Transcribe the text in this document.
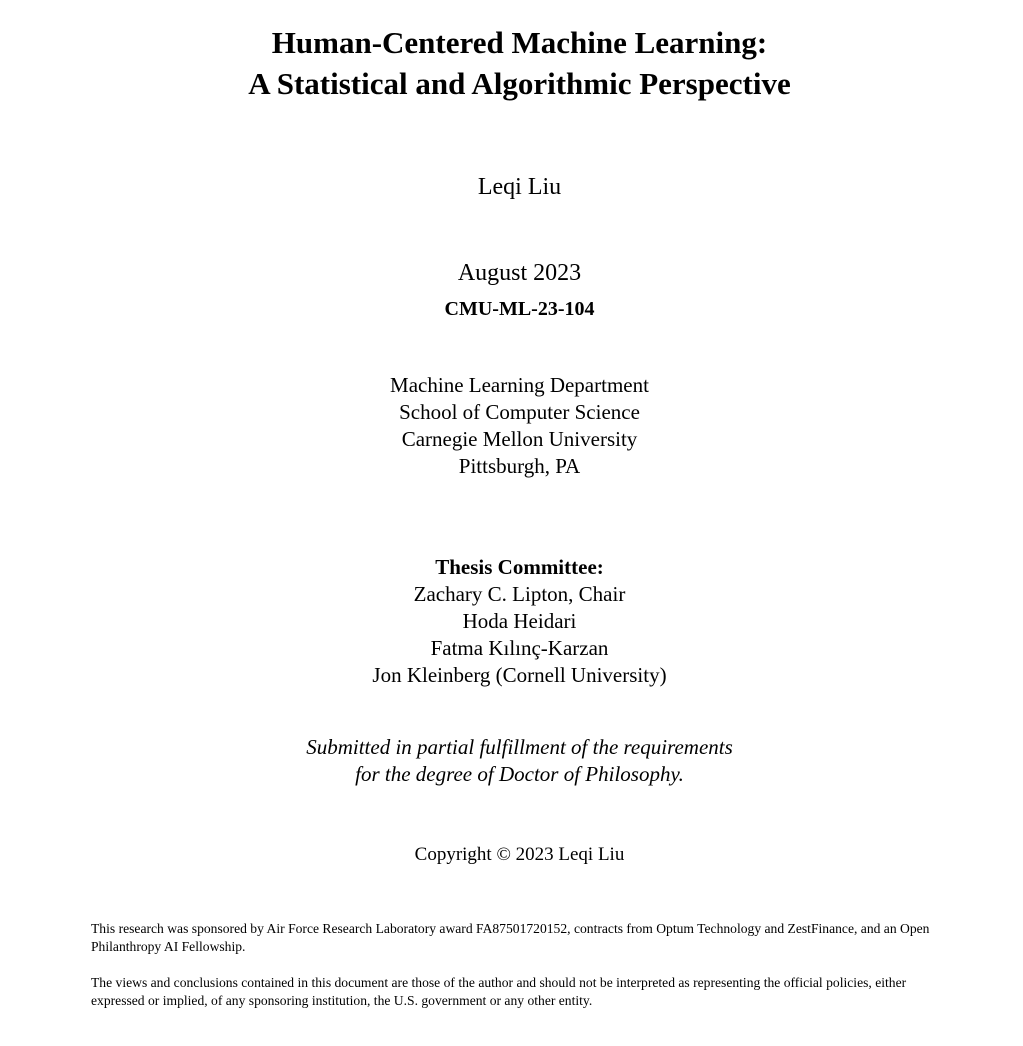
Human-Centered Machine Learning:
A Statistical and Algorithmic Perspective
Leqi Liu
August 2023
CMU-ML-23-104
Machine Learning Department
School of Computer Science
Carnegie Mellon University
Pittsburgh, PA
Thesis Committee:
Zachary C. Lipton, Chair
Hoda Heidari
Fatma Kılınç-Karzan
Jon Kleinberg (Cornell University)
Submitted in partial fulfillment of the requirements
for the degree of Doctor of Philosophy.
Copyright © 2023 Leqi Liu
This research was sponsored by Air Force Research Laboratory award FA87501720152, contracts from Optum Technology and ZestFinance, and an Open Philanthropy AI Fellowship.
The views and conclusions contained in this document are those of the author and should not be interpreted as representing the official policies, either expressed or implied, of any sponsoring institution, the U.S. government or any other entity.
